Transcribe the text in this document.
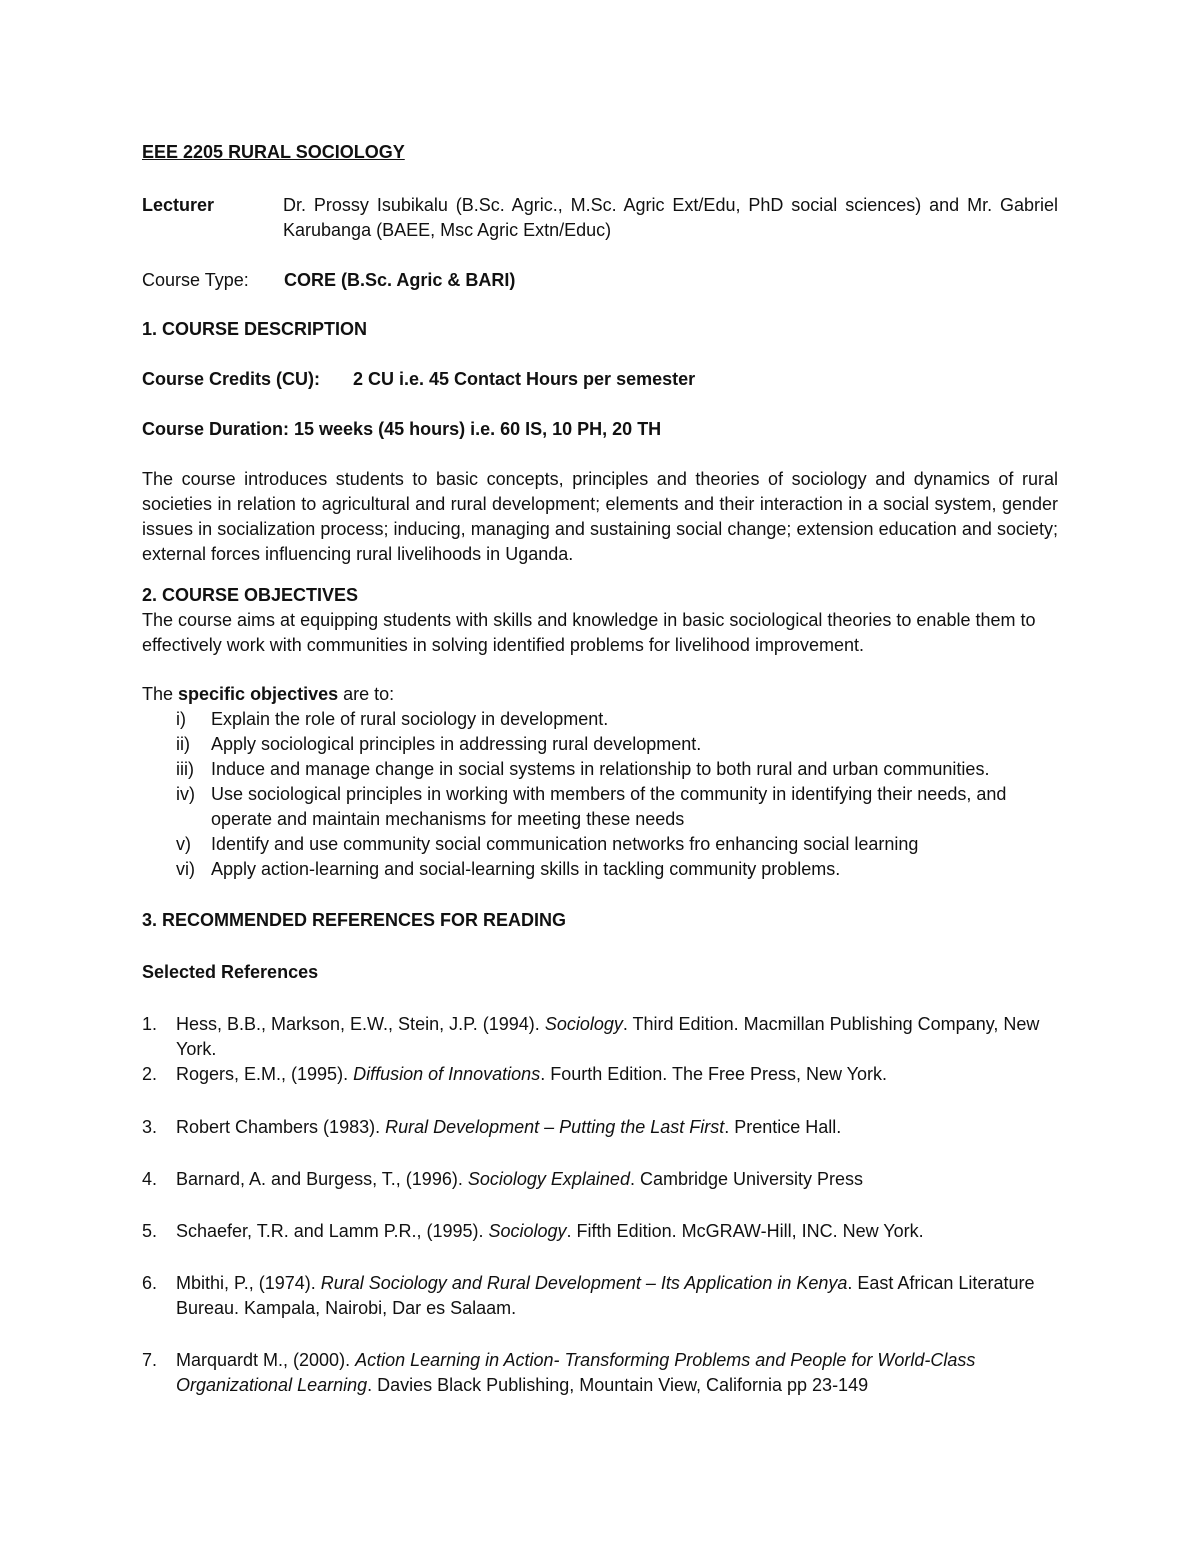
EEE 2205 RURAL SOCIOLOGY
Lecturer	Dr. Prossy Isubikalu (B.Sc. Agric., M.Sc. Agric Ext/Edu, PhD social sciences) and Mr. Gabriel Karubanga (BAEE, Msc Agric Extn/Educ)
Course Type:	CORE (B.Sc. Agric & BARI)
1. COURSE DESCRIPTION
Course Credits (CU):	2 CU i.e. 45 Contact Hours per semester
Course Duration: 15 weeks (45 hours) i.e. 60 IS, 10 PH, 20 TH
The course introduces students to basic concepts, principles and theories of sociology and dynamics of rural societies in relation to agricultural and rural development; elements and their interaction in a social system, gender issues in socialization process; inducing, managing and sustaining social change; extension education and society; external forces influencing rural livelihoods in Uganda.
2. COURSE OBJECTIVES
The course aims at equipping students with skills and knowledge in basic sociological theories to enable them to effectively work with communities in solving identified problems for livelihood improvement.
The specific objectives are to:
i)	Explain the role of rural sociology in development.
ii)	Apply sociological principles in addressing rural development.
iii) Induce and manage change in social systems in relationship to both rural and urban communities.
iv) Use sociological principles in working with members of the community in identifying their needs, and operate and maintain mechanisms for meeting these needs
v)	Identify and use community social communication networks fro enhancing social learning
vi) Apply action-learning and social-learning skills in tackling community problems.
3. RECOMMENDED REFERENCES FOR READING
Selected References
1.	Hess, B.B., Markson, E.W., Stein, J.P. (1994). Sociology. Third Edition. Macmillan Publishing Company, New York.
2.	Rogers, E.M., (1995). Diffusion of Innovations. Fourth Edition. The Free Press, New York.
3.	Robert Chambers (1983). Rural Development – Putting the Last First. Prentice Hall.
4.	Barnard, A. and Burgess, T., (1996). Sociology Explained. Cambridge University Press
5.	Schaefer, T.R. and Lamm P.R., (1995). Sociology. Fifth Edition. McGRAW-Hill, INC. New York.
6.	Mbithi, P., (1974). Rural Sociology and Rural Development – Its Application in Kenya. East African Literature Bureau. Kampala, Nairobi, Dar es Salaam.
7.	Marquardt M., (2000). Action Learning in Action- Transforming Problems and People for World-Class Organizational Learning. Davies Black Publishing, Mountain View, California pp 23-149
